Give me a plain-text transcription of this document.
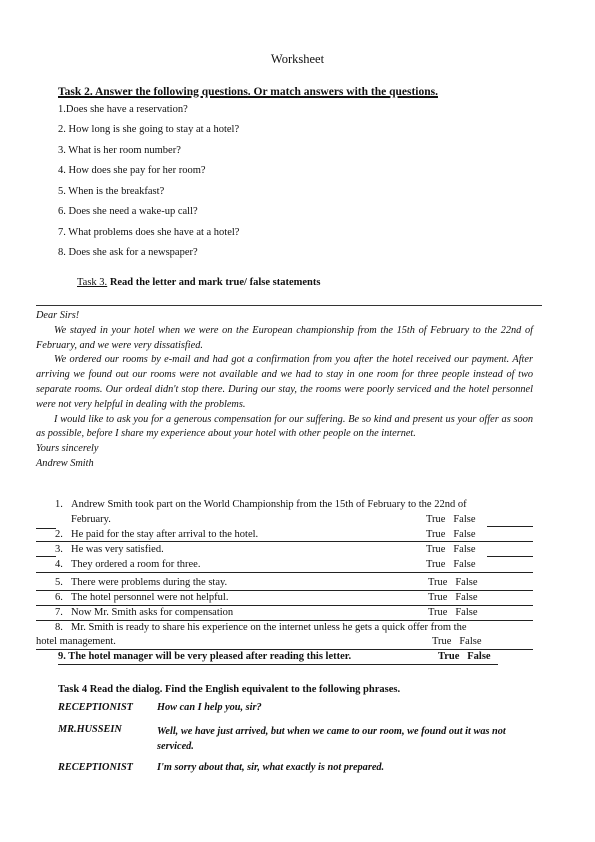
Worksheet
Task 2. Answer the following questions. Or match answers with the questions.
1.Does she have a reservation?
2. How long is she going to stay at a hotel?
3. What is her room number?
4. How does she pay for her room?
5. When is the breakfast?
6. Does she need a wake-up call?
7. What problems does she have at a hotel?
8. Does she ask for a newspaper?
Task 3. Read the letter and mark true/ false statements

Dear Sirs!

We stayed in your hotel when we were on the European championship from the 15th of February to the 22nd of February, and we were very dissatisfied.

We ordered our rooms by e-mail and had got a confirmation from you after the hotel received our payment. After arriving we found out our rooms were not available and we had to stay in one room for three people instead of two separate rooms. Our ordeal didn't stop there. During our stay, the rooms were poorly serviced and the hotel personnel were not very helpful in dealing with the problems.

I would like to ask you for a generous compensation for our suffering. Be so kind and present us your offer as soon as possible, before I share my experience about your hotel with other people on the internet.

Yours sincerely

Andrew Smith

1. Andrew Smith took part on the World Championship from the 15th of February to the 22nd of
February.	True   False
2. He paid for the stay after arrival to the hotel.	True   False
3. He was very satisfied.	True   False
4. They ordered a room for three.	True   False
5. There were problems during the stay.	True   False
6. The hotel personnel were not helpful.	True   False
7. Now Mr. Smith asks for compensation	True   False
8. Mr. Smith is ready to share his experience on the internet unless he gets a quick offer from the
hotel management.	True   False
9. The hotel manager will be very pleased after reading this letter.	True   False
Task 4 Read the dialog. Find the English equivalent to the following phrases.
RECEPTIONIST How can I help you, sir?
MR.HUSSEIN	Well, we have just arrived, but when we came to our room, we found out it was not serviced.
RECEPTIONIST I'm sorry about that, sir, what exactly is not prepared.
